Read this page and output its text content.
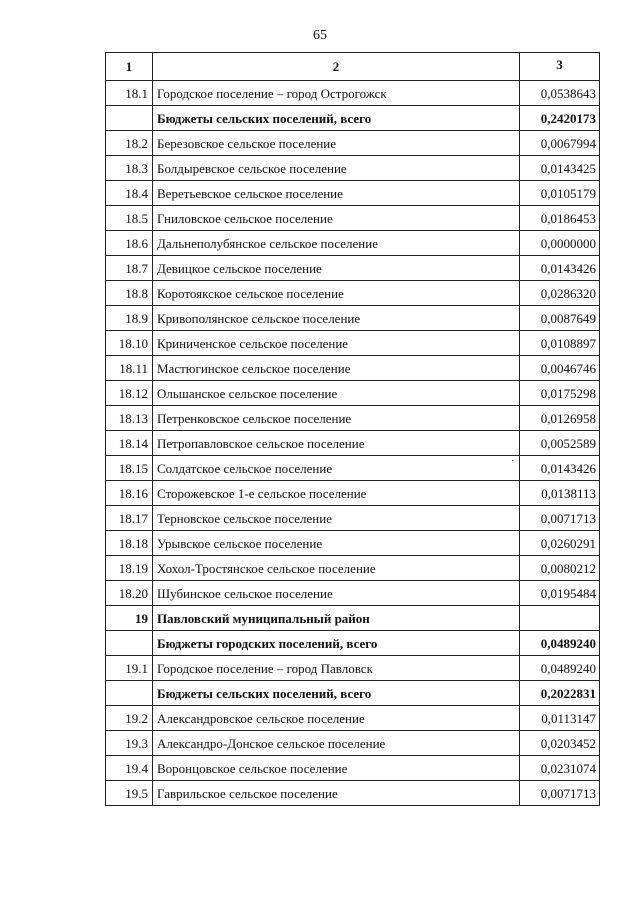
65
1	2	3
18.1	Городское поселение – город Острогожск	0,0538643
	Бюджеты сельских поселений, всего	0,2420173
18.2	Березовское сельское поселение	0,0067994
18.3	Болдыревское сельское поселение	0,0143425
18.4	Веретьевское сельское поселение	0,0105179
18.5	Гниловское сельское поселение	0,0186453
18.6	Дальнеполубянское сельское поселение	0,0000000
18.7	Девицкое сельское поселение	0,0143426
18.8	Коротоякское сельское поселение	0,0286320
18.9	Кривополянское сельское поселение	0,0087649
18.10	Криниченское сельское поселение	0,0108897
18.11	Мастюгинское сельское поселение	0,0046746
18.12	Ольшанское сельское поселение	0,0175298
18.13	Петренковское сельское поселение	0,0126958
18.14	Петропавловское сельское поселение	0,0052589
18.15	Солдатское сельское поселение	0,0143426
18.16	Сторожевское 1-е сельское поселение	0,0138113
18.17	Терновское сельское поселение	0,0071713
18.18	Урывское сельское поселение	0,0260291
18.19	Хохол-Тростянское сельское поселение	0,0080212
18.20	Шубинское сельское поселение	0,0195484
19	Павловский муниципальный район	
	Бюджеты городских поселений, всего	0,0489240
19.1	Городское поселение – город Павловск	0,0489240
	Бюджеты сельских поселений, всего	0,2022831
19.2	Александровское сельское поселение	0,0113147
19.3	Александро-Донское сельское поселение	0,0203452
19.4	Воронцовское сельское поселение	0,0231074
19.5	Гаврильское сельское поселение	0,0071713
·
